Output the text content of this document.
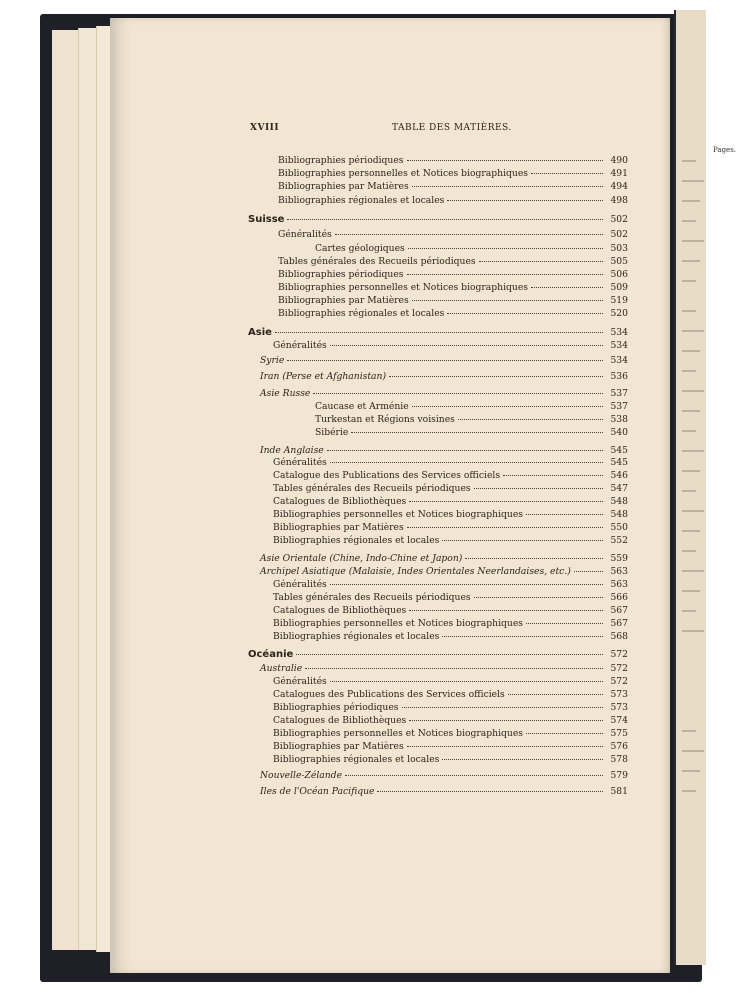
XVIII	TABLE DES MATIÈRES.
Pages.
Bibliographies périodiques	490
Bibliographies personnelles et Notices biographiques	491
Bibliographies par Matières	494
Bibliographies régionales et locales	498
Suisse	502
Généralités	502
Cartes géologiques	503
Tables générales des Recueils périodiques	505
Bibliographies périodiques	506
Bibliographies personnelles et Notices biographiques	509
Bibliographies par Matières	519
Bibliographies régionales et locales	520
Asie	534
Généralités	534
Syrie	534
Iran (Perse et Afghanistan)	536
Asie Russe	537
Caucase et Arménie	537
Turkestan et Régions voisines	538
Sibérie	540
Inde Anglaise	545
Généralités	545
Catalogue des Publications des Services officiels	546
Tables générales des Recueils périodiques	547
Catalogues de Bibliothèques	548
Bibliographies personnelles et Notices biographiques	548
Bibliographies par Matières	550
Bibliographies régionales et locales	552
Asie Orientale (Chine, Indo-Chine et Japon)	559
Archipel Asiatique (Malaisie, Indes Orientales Neerlandaises, etc.)	563
Généralités	563
Tables générales des Recueils périodiques	566
Catalogues de Bibliothèques	567
Bibliographies personnelles et Notices biographiques	567
Bibliographies régionales et locales	568
Océanie	572
Australie	572
Généralités	572
Catalogues des Publications des Services officiels	573
Bibliographies périodiques	573
Catalogues de Bibliothèques	574
Bibliographies personnelles et Notices biographiques	575
Bibliographies par Matières	576
Bibliographies régionales et locales	578
Nouvelle-Zélande	579
Iles de l'Océan Pacifique	581
